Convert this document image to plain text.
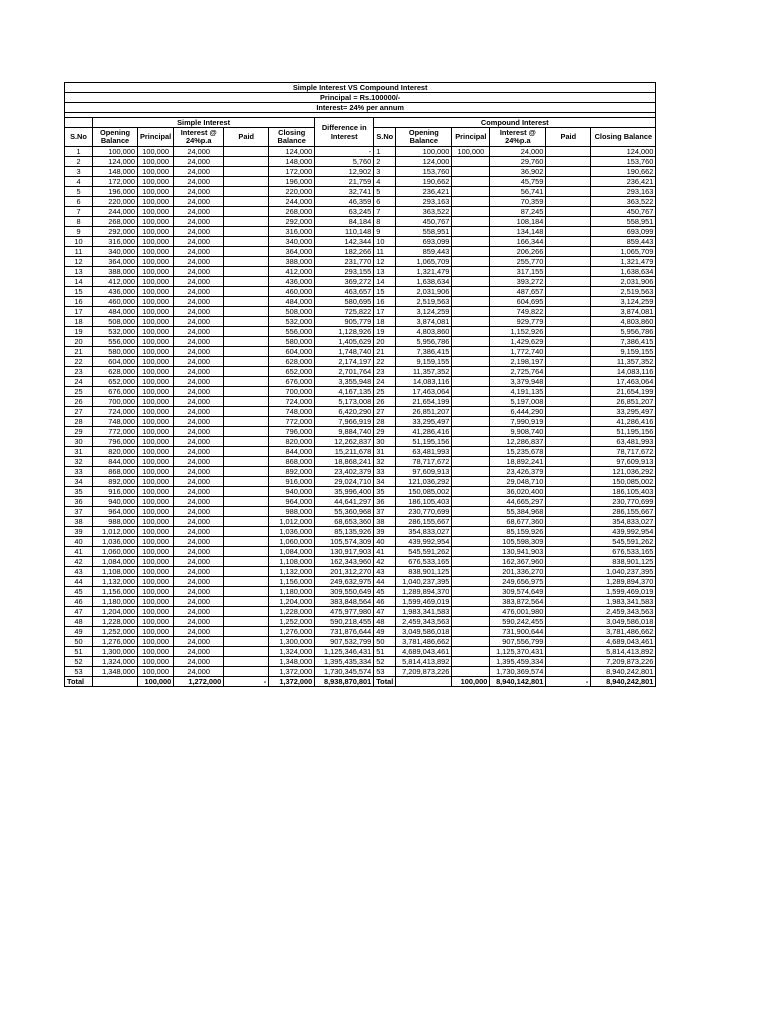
Simple Interest VS Compound Interest												
Principal = Rs.100000/-												
Interest= 24% per annum												

	Simple Interest					Difference in Interest	Compound Interest					
S.No	Opening Balance	Principal	Interest @ 24%p.a	Paid	Closing Balance		S.No	Opening Balance	Principal	Interest @ 24%p.a	Paid	Closing Balance
1	100,000	100,000	24,000		124,000	-	1	100,000	100,000	24,000		124,000
2	124,000	100,000	24,000		148,000	5,760	2	124,000		29,760		153,760
3	148,000	100,000	24,000		172,000	12,902	3	153,760		36,902		190,662
4	172,000	100,000	24,000		196,000	21,759	4	190,662		45,759		236,421
5	196,000	100,000	24,000		220,000	32,741	5	236,421		56,741		293,163
6	220,000	100,000	24,000		244,000	46,359	6	293,163		70,359		363,522
7	244,000	100,000	24,000		268,000	63,245	7	363,522		87,245		450,767
8	268,000	100,000	24,000		292,000	84,184	8	450,767		108,184		558,951
9	292,000	100,000	24,000		316,000	110,148	9	558,951		134,148		693,099
10	316,000	100,000	24,000		340,000	142,344	10	693,099		166,344		859,443
11	340,000	100,000	24,000		364,000	182,266	11	859,443		206,266		1,065,709
12	364,000	100,000	24,000		388,000	231,770	12	1,065,709		255,770		1,321,479
13	388,000	100,000	24,000		412,000	293,155	13	1,321,479		317,155		1,638,634
14	412,000	100,000	24,000		436,000	369,272	14	1,638,634		393,272		2,031,906
15	436,000	100,000	24,000		460,000	463,657	15	2,031,906		487,657		2,519,563
16	460,000	100,000	24,000		484,000	580,695	16	2,519,563		604,695		3,124,259
17	484,000	100,000	24,000		508,000	725,822	17	3,124,259		749,822		3,874,081
18	508,000	100,000	24,000		532,000	905,779	18	3,874,081		929,779		4,803,860
19	532,000	100,000	24,000		556,000	1,128,926	19	4,803,860		1,152,926		5,956,786
20	556,000	100,000	24,000		580,000	1,405,629	20	5,956,786		1,429,629		7,386,415
21	580,000	100,000	24,000		604,000	1,748,740	21	7,386,415		1,772,740		9,159,155
22	604,000	100,000	24,000		628,000	2,174,197	22	9,159,155		2,198,197		11,357,352
23	628,000	100,000	24,000		652,000	2,701,764	23	11,357,352		2,725,764		14,083,116
24	652,000	100,000	24,000		676,000	3,355,948	24	14,083,116		3,379,948		17,463,064
25	676,000	100,000	24,000		700,000	4,167,135	25	17,463,064		4,191,135		21,654,199
26	700,000	100,000	24,000		724,000	5,173,008	26	21,654,199		5,197,008		26,851,207
27	724,000	100,000	24,000		748,000	6,420,290	27	26,851,207		6,444,290		33,295,497
28	748,000	100,000	24,000		772,000	7,966,919	28	33,295,497		7,990,919		41,286,416
29	772,000	100,000	24,000		796,000	9,884,740	29	41,286,416		9,908,740		51,195,156
30	796,000	100,000	24,000		820,000	12,262,837	30	51,195,156		12,286,837		63,481,993
31	820,000	100,000	24,000		844,000	15,211,678	31	63,481,993		15,235,678		78,717,672
32	844,000	100,000	24,000		868,000	18,868,241	32	78,717,672		18,892,241		97,609,913
33	868,000	100,000	24,000		892,000	23,402,379	33	97,609,913		23,426,379		121,036,292
34	892,000	100,000	24,000		916,000	29,024,710	34	121,036,292		29,048,710		150,085,002
35	916,000	100,000	24,000		940,000	35,996,400	35	150,085,002		36,020,400		186,105,403
36	940,000	100,000	24,000		964,000	44,641,297	36	186,105,403		44,665,297		230,770,699
37	964,000	100,000	24,000		988,000	55,360,968	37	230,770,699		55,384,968		286,155,667
38	988,000	100,000	24,000		1,012,000	68,653,360	38	286,155,667		68,677,360		354,833,027
39	1,012,000	100,000	24,000		1,036,000	85,135,926	39	354,833,027		85,159,926		439,992,954
40	1,036,000	100,000	24,000		1,060,000	105,574,309	40	439,992,954		105,598,309		545,591,262
41	1,060,000	100,000	24,000		1,084,000	130,917,903	41	545,591,262		130,941,903		676,533,165
42	1,084,000	100,000	24,000		1,108,000	162,343,960	42	676,533,165		162,367,960		838,901,125
43	1,108,000	100,000	24,000		1,132,000	201,312,270	43	838,901,125		201,336,270		1,040,237,395
44	1,132,000	100,000	24,000		1,156,000	249,632,975	44	1,040,237,395		249,656,975		1,289,894,370
45	1,156,000	100,000	24,000		1,180,000	309,550,649	45	1,289,894,370		309,574,649		1,599,469,019
46	1,180,000	100,000	24,000		1,204,000	383,848,564	46	1,599,469,019		383,872,564		1,983,341,583
47	1,204,000	100,000	24,000		1,228,000	475,977,980	47	1,983,341,583		476,001,980		2,459,343,563
48	1,228,000	100,000	24,000		1,252,000	590,218,455	48	2,459,343,563		590,242,455		3,049,586,018
49	1,252,000	100,000	24,000		1,276,000	731,876,644	49	3,049,586,018		731,900,644		3,781,486,662
50	1,276,000	100,000	24,000		1,300,000	907,532,799	50	3,781,486,662		907,556,799		4,689,043,461
51	1,300,000	100,000	24,000		1,324,000	1,125,346,431	51	4,689,043,461		1,125,370,431		5,814,413,892
52	1,324,000	100,000	24,000		1,348,000	1,395,435,334	52	5,814,413,892		1,395,459,334		7,209,873,226
53	1,348,000	100,000	24,000		1,372,000	1,730,345,574	53	7,209,873,226		1,730,369,574		8,940,242,801
Total		100,000	1,272,000	-	1,372,000	8,938,870,801	Total		100,000	8,940,142,801	-	8,940,242,801
